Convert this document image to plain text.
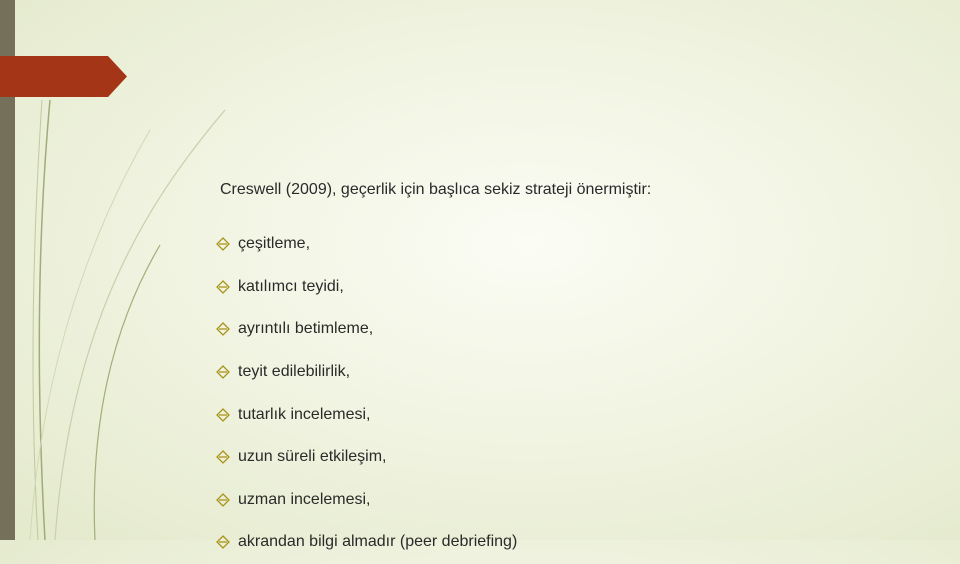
Creswell (2009), geçerlik için başlıca sekiz strateji önermiştir:

çeşitleme,
katılımcı teyidi,
ayrıntılı betimleme,
teyit edilebilirlik,
tutarlık incelemesi,
uzun süreli etkileşim,
uzman incelemesi,
akrandan bilgi almadır (peer debriefing)
